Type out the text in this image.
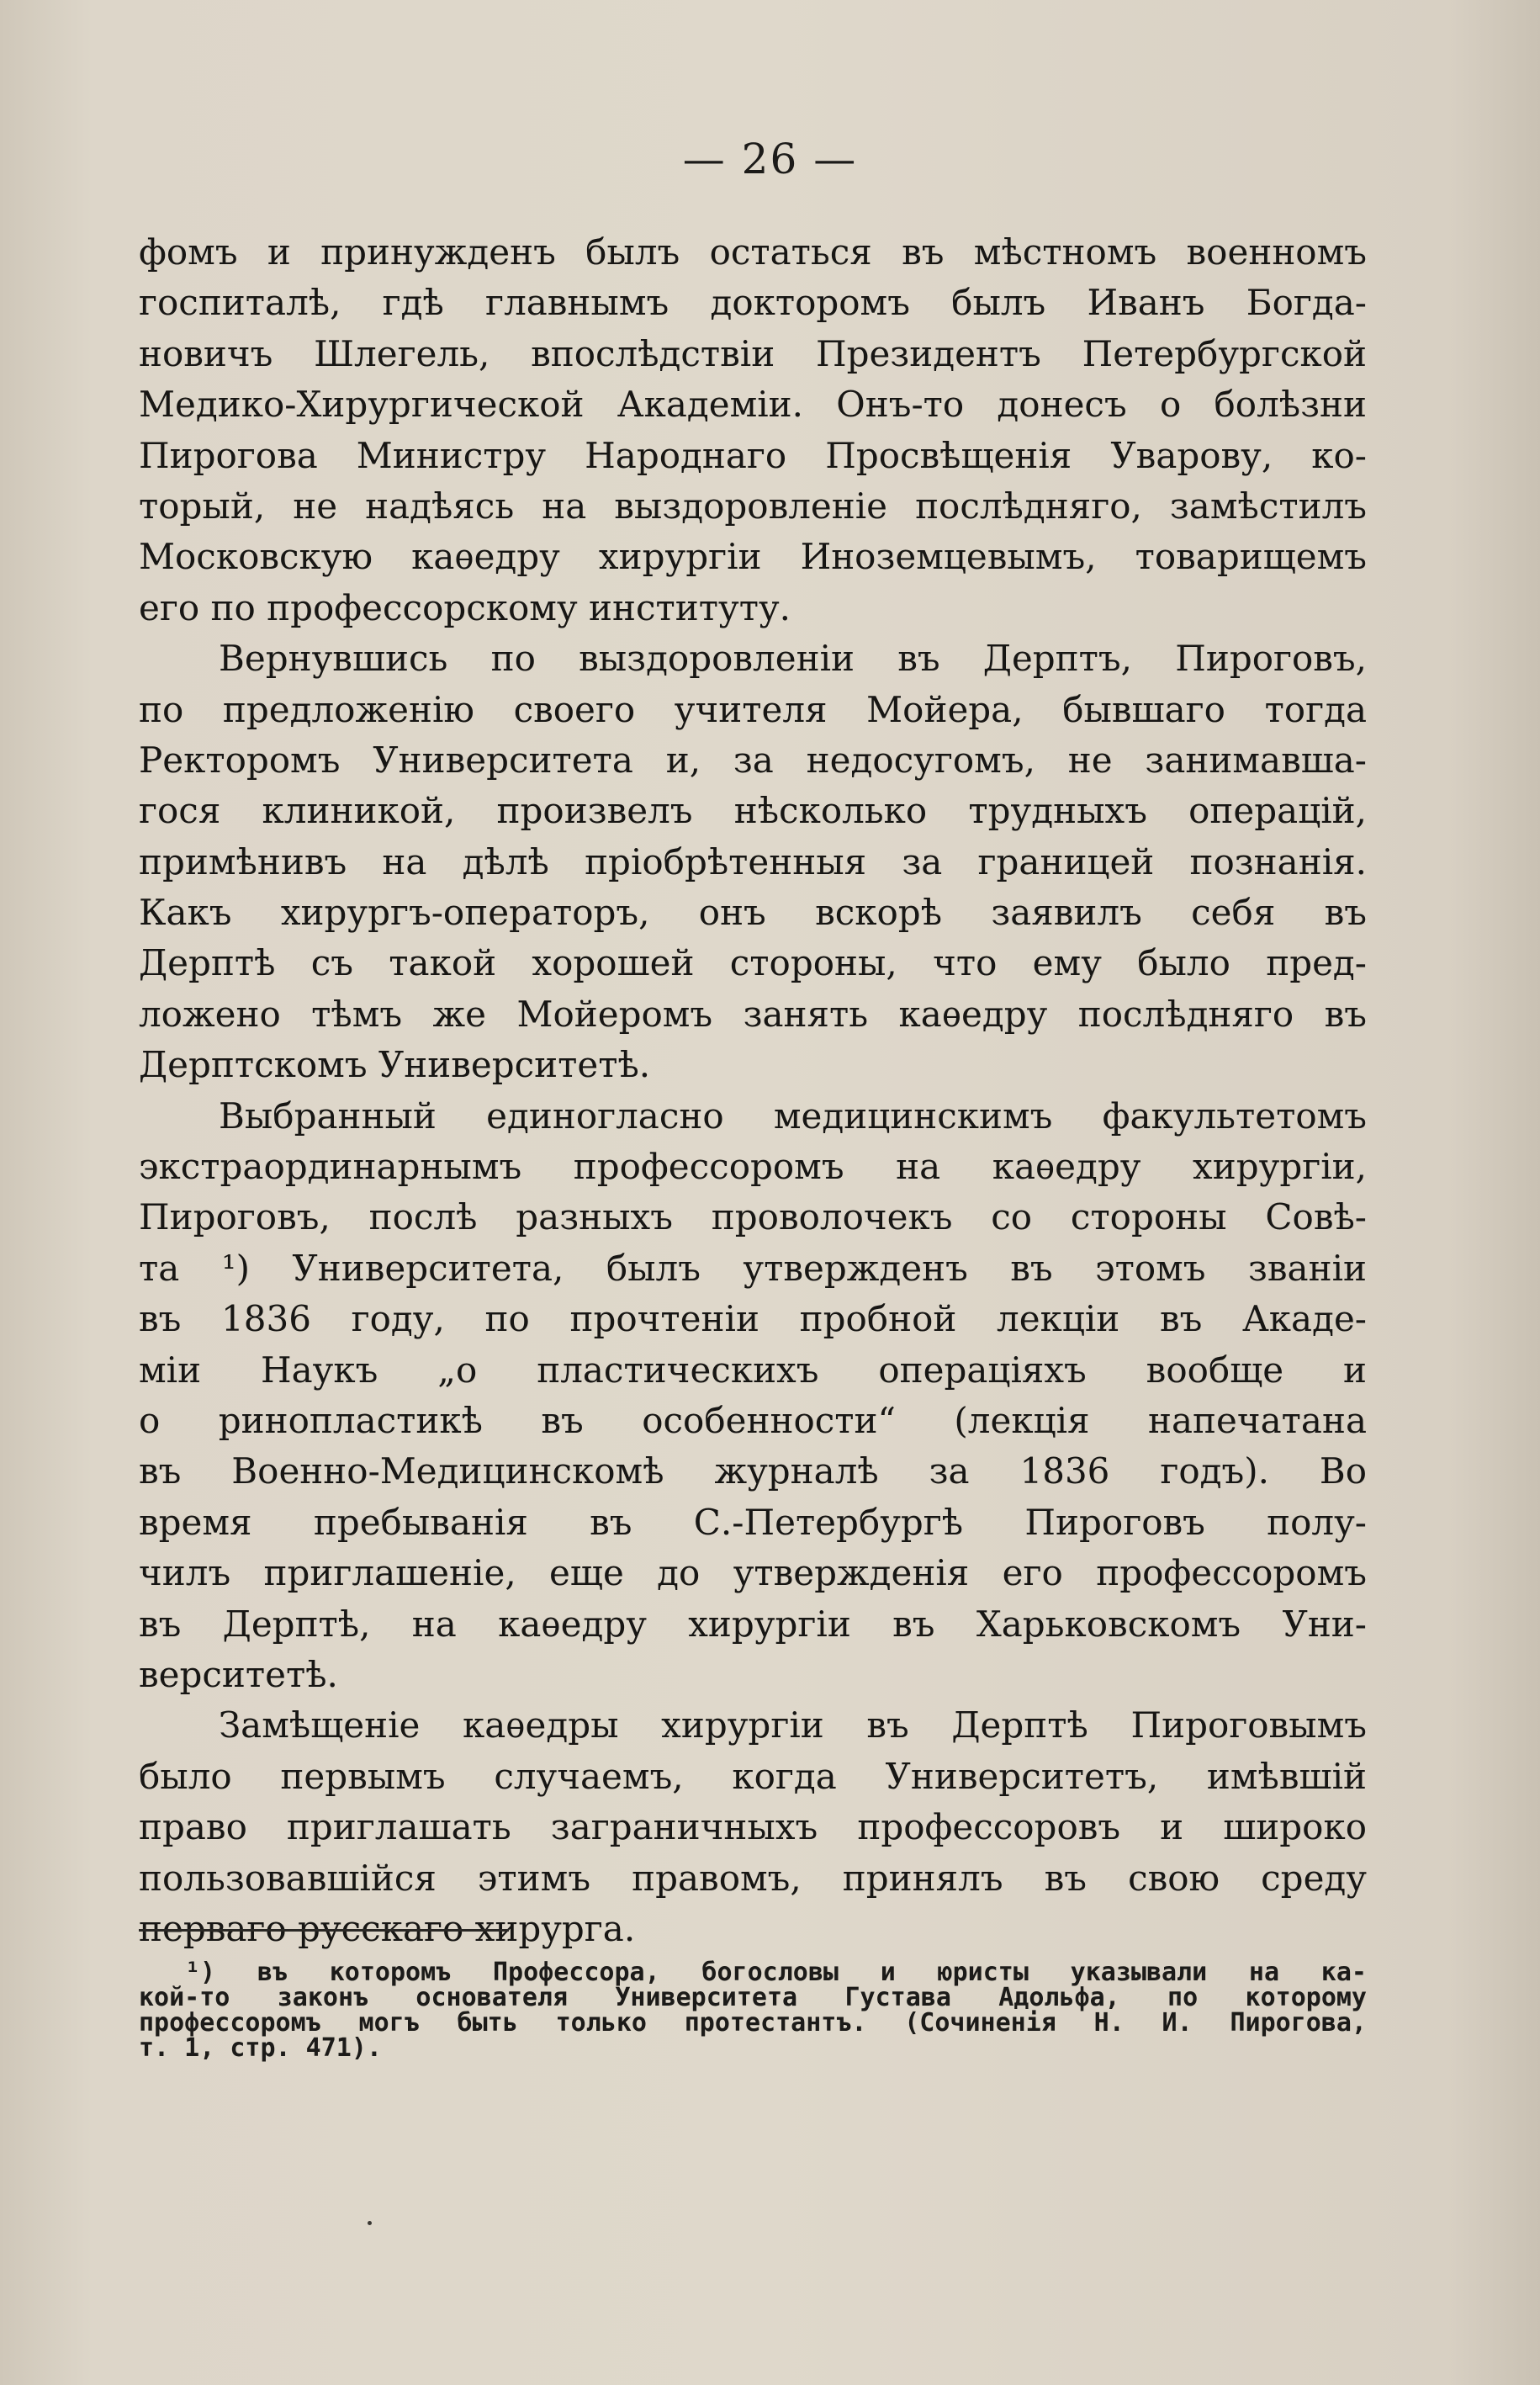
— 26 —
фомъ и принужденъ былъ остаться въ мѣстномъ военномъ
госпиталѣ, гдѣ главнымъ докторомъ былъ Иванъ Богда-
новичъ Шлегель, впослѣдствіи Президентъ Петербургской
Медико-Хирургической Академіи. Онъ-то донесъ о болѣзни
Пирогова Министру Народнаго Просвѣщенія Уварову, ко-
торый, не надѣясь на выздоровленіе послѣдняго, замѣстилъ
Московскую каѳедру хирургіи Иноземцевымъ, товарищемъ
его по профессорскому институту.
Вернувшись по выздоровленіи въ Дерптъ, Пироговъ,
по предложенію своего учителя Мойера, бывшаго тогда
Ректоромъ Университета и, за недосугомъ, не занимавша-
гося клиникой, произвелъ нѣсколько трудныхъ операцій,
примѣнивъ на дѣлѣ пріобрѣтенныя за границей познанія.
Какъ хирургъ-операторъ, онъ вскорѣ заявилъ себя въ
Дерптѣ съ такой хорошей стороны, что ему было пред-
ложено тѣмъ же Мойеромъ занять каѳедру послѣдняго въ
Дерптскомъ Университетѣ.
Выбранный единогласно медицинскимъ факультетомъ
экстраординарнымъ профессоромъ на каѳедру хирургіи,
Пироговъ, послѣ разныхъ проволочекъ со стороны Совѣ-
та ¹) Университета, былъ утвержденъ въ этомъ званіи
въ 1836 году, по прочтеніи пробной лекціи въ Акаде-
міи Наукъ „о пластическихъ операціяхъ вообще и
о ринопластикѣ въ особенности“ (лекція напечатана
въ Военно-Медицинскомѣ журналѣ за 1836 годъ). Во
время пребыванія въ С.-Петербургѣ Пироговъ полу-
чилъ приглашеніе, еще до утвержденія его профессоромъ
въ Дерптѣ, на каѳедру хирургіи въ Харьковскомъ Уни-
верситетѣ.
Замѣщеніе каѳедры хирургіи въ Дерптѣ Пироговымъ
было первымъ случаемъ, когда Университетъ, имѣвшій
право приглашать заграничныхъ профессоровъ и широко
пользовавшійся этимъ правомъ, принялъ въ свою среду
перваго русскаго хирурга.
¹) въ которомъ Профессора, богословы и юристы указывали на ка-
кой-то законъ основателя Университета Густава Адольфа, по которому
профессоромъ могъ быть только протестантъ. (Сочиненія Н. И. Пирогова,
т. 1, стр. 471).
